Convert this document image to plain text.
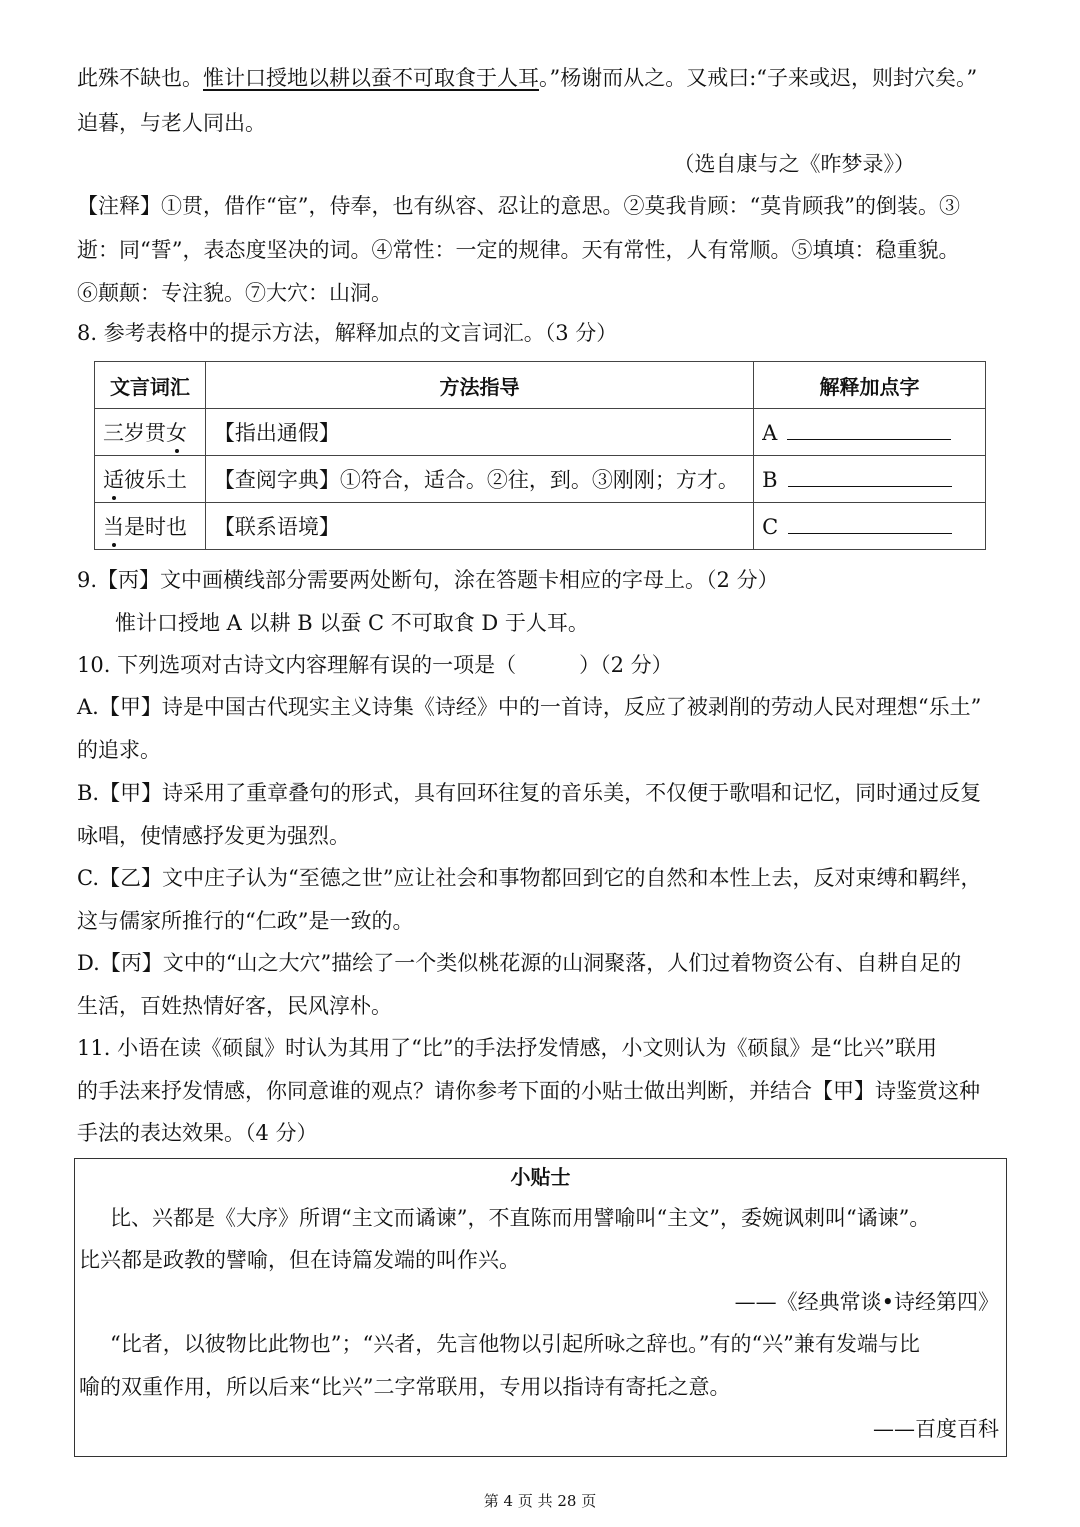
此殊不缺也。惟计口授地以耕以蚕不可取食于人耳。”杨谢而从之。又戒曰:“子来或迟，则封穴矣。”
迫暮，与老人同出。
（选自康与之《昨梦录》）
【注释】①贯，借作“宦”，侍奉，也有纵容、忍让的意思。②莫我肯顾：“莫肯顾我”的倒装。③
逝：同“誓”，表态度坚决的词。④常性：一定的规律。天有常性，人有常顺。⑤填填：稳重貌。
⑥颠颠：专注貌。⑦大穴：山洞。
8. 参考表格中的提示方法，解释加点的文言词汇。（3 分）
文言词汇	方法指导	解释加点字
三岁贯女	【指出通假】	A
适彼乐土	【查阅字典】①符合，适合。②往，到。③刚刚；方才。	B
当是时也	【联系语境】	C
9.【丙】文中画横线部分需要两处断句，涂在答题卡相应的字母上。（2 分）
惟计口授地 A 以耕 B 以蚕 C 不可取食 D 于人耳。
10. 下列选项对古诗文内容理解有误的一项是（　　　）（2 分）
A.【甲】诗是中国古代现实主义诗集《诗经》中的一首诗，反应了被剥削的劳动人民对理想“乐土”
的追求。
B.【甲】诗采用了重章叠句的形式，具有回环往复的音乐美，不仅便于歌唱和记忆，同时通过反复
咏唱，使情感抒发更为强烈。
C.【乙】文中庄子认为“至德之世”应让社会和事物都回到它的自然和本性上去，反对束缚和羁绊，
这与儒家所推行的“仁政”是一致的。
D.【丙】文中的“山之大穴”描绘了一个类似桃花源的山洞聚落，人们过着物资公有、自耕自足的
生活，百姓热情好客，民风淳朴。
11. 小语在读《硕鼠》时认为其用了“比”的手法抒发情感，小文则认为《硕鼠》是“比兴”联用
的手法来抒发情感，你同意谁的观点？请你参考下面的小贴士做出判断，并结合【甲】诗鉴赏这种
手法的表达效果。（4 分）
小贴士
　比、兴都是《大序》所谓“主文而谲谏”，不直陈而用譬喻叫“主文”，委婉讽刺叫“谲谏”。
比兴都是政教的譬喻，但在诗篇发端的叫作兴。
——《经典常谈•诗经第四》
　“比者，以彼物比此物也”；“兴者，先言他物以引起所咏之辞也。”有的“兴”兼有发端与比
喻的双重作用，所以后来“比兴”二字常联用，专用以指诗有寄托之意。
——百度百科
第 4 页 共 28 页
